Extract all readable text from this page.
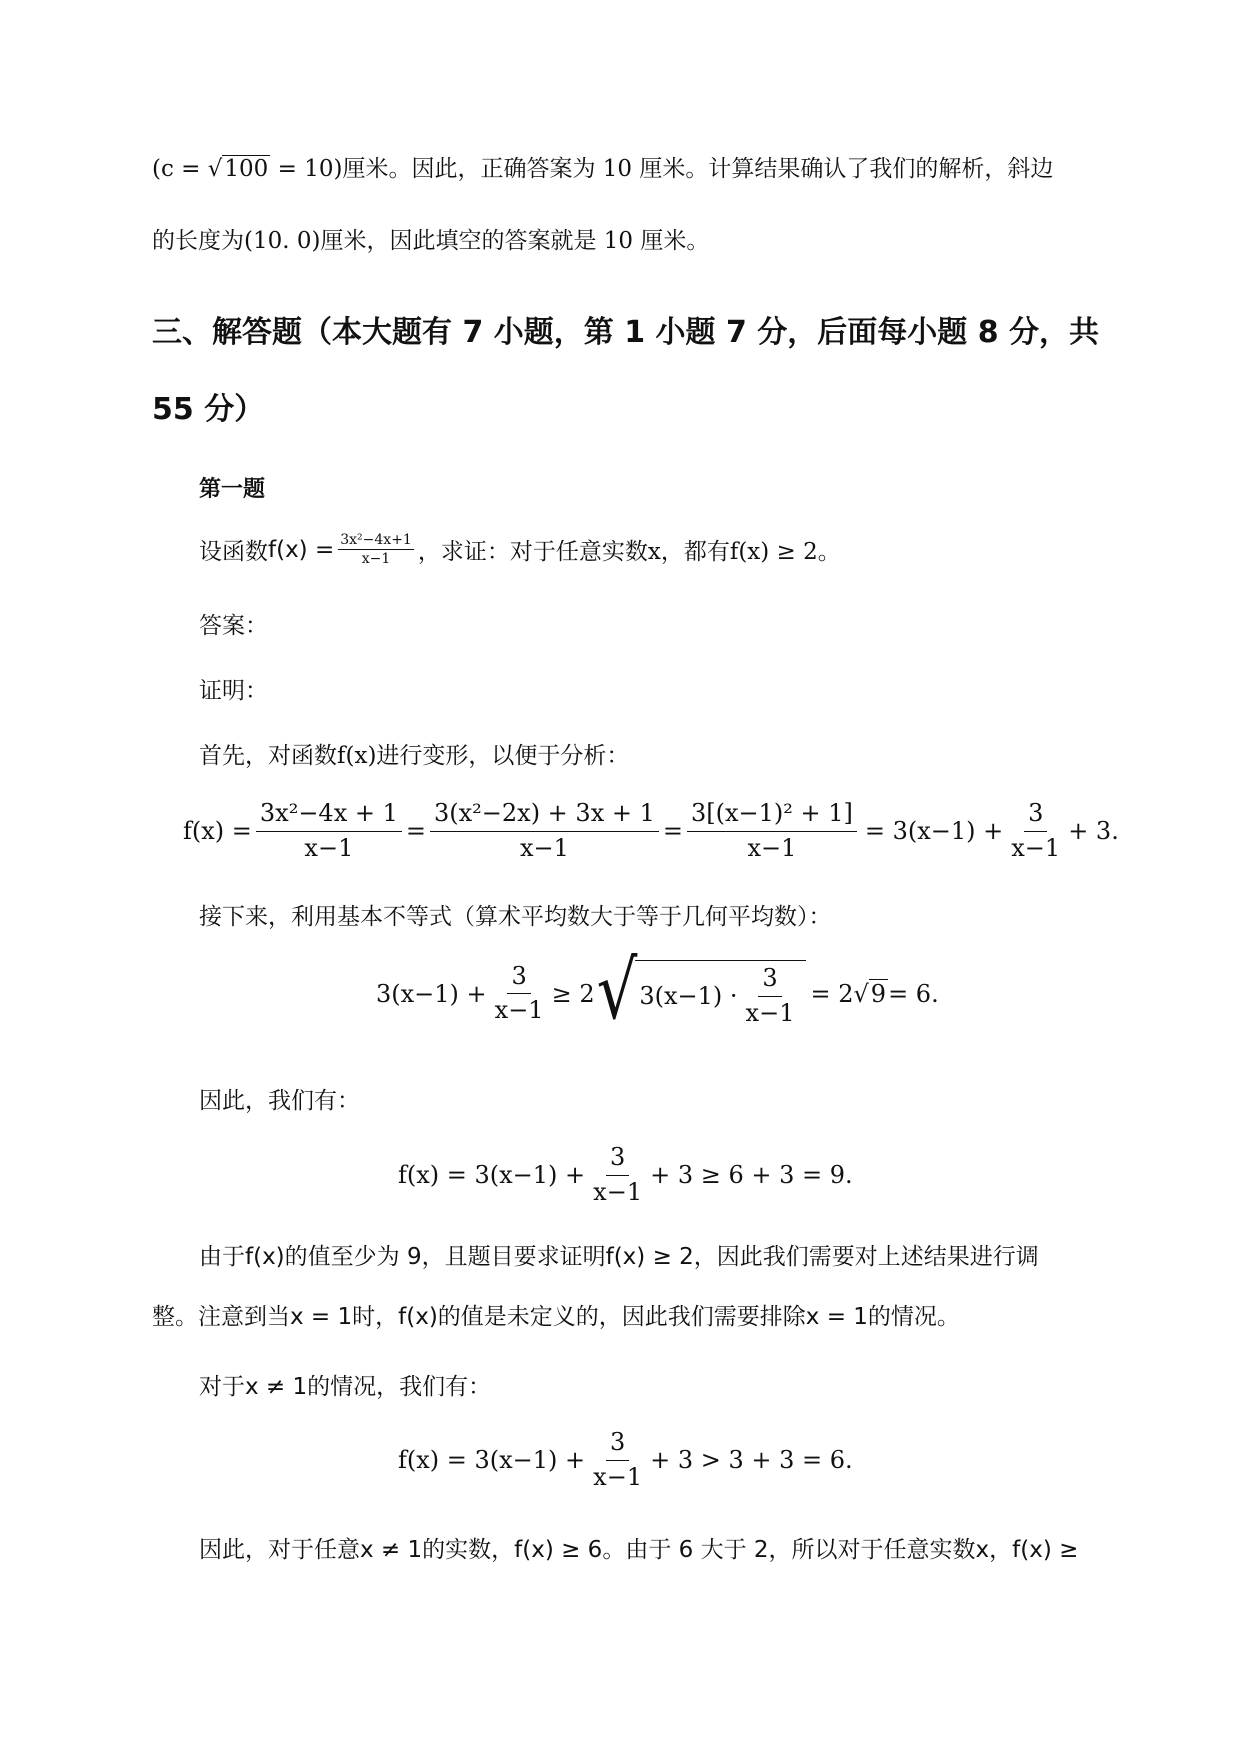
(c = √100 = 10)厘米。因此，正确答案为 10 厘米。计算结果确认了我们的解析，斜边
的长度为(10. 0)厘米，因此填空的答案就是 10 厘米。
三、解答题（本大题有 7 小题，第 1 小题 7 分，后面每小题 8 分，共
55 分）
第一题
设函数 $f(x) = \frac{\text{3x²−4x+1}}{x-1}$ ，求证：对于任意实数x，都有f(x) ≥ 2。
答案：
证明：
首先，对函数f(x)进行变形，以便于分析：
$f(x) = \frac{\text{3x²−4x + 1}}{x-1} = \frac{\text{3(x²−2x) + 3x + 1}}{x-1} = \frac{\text{3[(x−1)² + 1]}}{x-1} = 3(x-1) + \frac{3}{x-1} + 3$.
接下来，利用基本不等式（算术平均数大于等于几何平均数）：
$3(x-1) + \frac{3}{x-1} \ge 2$ √ $3(x-1) \cdot \frac{3}{x-1} = 2$ √ 9 = 6.
因此，我们有：
$f(x) = 3(x-1) + \frac{3}{x-1} + 3 \ge 6 + 3 = 9$.
由于f(x)的值至少为 9，且题目要求证明f(x) ≥ 2，因此我们需要对上述结果进行调
整。注意到当x = 1时，f(x)的值是未定义的，因此我们需要排除x = 1的情况。
对于x ≠ 1的情况，我们有：
$f(x) = 3(x-1) + \frac{3}{x-1} + 3 > 3 + 3 = 6$.
因此，对于任意x ≠ 1的实数，f(x) ≥ 6。由于 6 大于 2，所以对于任意实数x，f(x) ≥
